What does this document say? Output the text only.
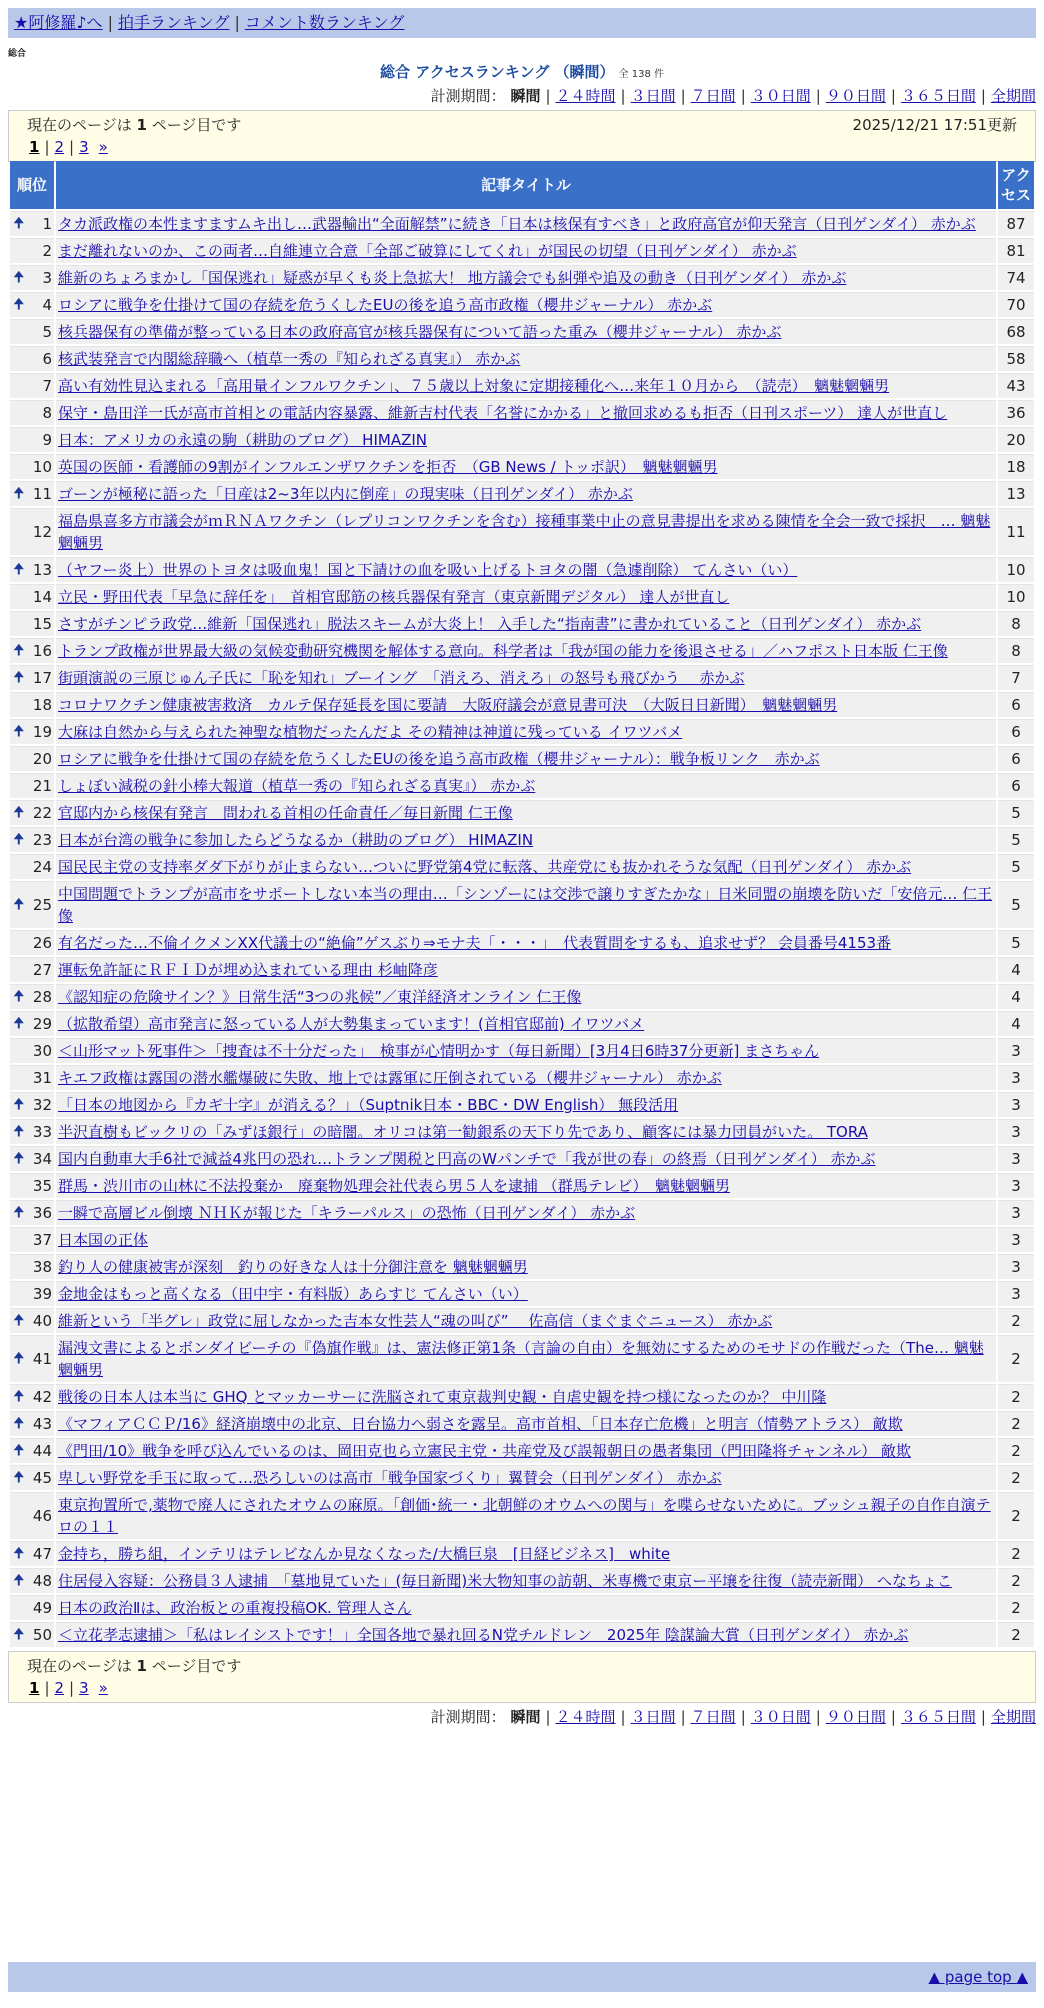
★阿修羅♪へ | 拍手ランキング | コメント数ランキング
総合
総合 アクセスランキング （瞬間） 全 138 件
計測期間： 瞬間 | ２４時間 | ３日間 | ７日間 | ３０日間 | ９０日間 | ３６５日間 | 全期間
現在のページは 1 ページ目です	2025/12/21 17:51更新
1 | 2 | 3 »
順位	記事タイトル	アクセス

🠉 1	タカ派政権の本性ますますムキ出し…武器輸出“全面解禁”に続き「日本は核保有すべき」と政府高官が仰天発言（日刊ゲンダイ） 赤かぶ	87
2	まだ離れないのか、この両者…自維連立合意「全部ご破算にしてくれ」が国民の切望（日刊ゲンダイ） 赤かぶ	81

🠉 3	維新のちょろまかし「国保逃れ」疑惑が早くも炎上急拡大！ 地方議会でも糾弾や追及の動き（日刊ゲンダイ） 赤かぶ	74

🠉 4	ロシアに戦争を仕掛けて国の存続を危うくしたEUの後を追う高市政権（櫻井ジャーナル） 赤かぶ	70
5	核兵器保有の準備が整っている日本の政府高官が核兵器保有について語った重み（櫻井ジャーナル） 赤かぶ	68
6	核武装発言で内閣総辞職へ（植草一秀の『知られざる真実』） 赤かぶ	58
7	高い有効性見込まれる「高用量インフルワクチン」、７５歳以上対象に定期接種化へ…来年１０月から　（読売）　魑魅魍魎男	43
8	保守・島田洋一氏が高市首相との電話内容暴露、維新吉村代表「名誉にかかる」と撤回求めるも拒否（日刊スポーツ） 達人が世直し	36
9	日本：アメリカの永遠の駒（耕助のブログ） HIMAZIN	20
10	英国の医師・看護師の9割がインフルエンザワクチンを拒否　（GB News / トッポ訳）　魑魅魍魎男	18

🠉 11	ゴーンが極秘に語った「日産は2~3年以内に倒産」の現実味（日刊ゲンダイ） 赤かぶ	13
12	福島県喜多方市議会がｍＲＮＡワクチン（レプリコンワクチンを含む）接種事業中止の意見書提出を求める陳情を全会一致で採択　… 魑魅魍魎男	11

🠉 13	（ヤフー炎上）世界のトヨタは吸血鬼！国と下請けの血を吸い上げるトヨタの闇（急遽削除） てんさい（い）	10
14	立民・野田代表「早急に辞任を」　首相官邸筋の核兵器保有発言（東京新聞デジタル） 達人が世直し	10
15	さすがチンピラ政党…維新「国保逃れ」脱法スキームが大炎上！ 入手した“指南書”に書かれていること（日刊ゲンダイ） 赤かぶ	8

🠉 16	トランプ政権が世界最大級の気候変動研究機関を解体する意向。科学者は「我が国の能力を後退させる」／ハフポスト日本版 仁王像	8

🠉 17	街頭演説の三原じゅん子氏に「恥を知れ」ブーイング　「消えろ、消えろ」の怒号も飛びかう　 赤かぶ	7
18	コロナワクチン健康被害救済　カルテ保存延長を国に要請　大阪府議会が意見書可決　（大阪日日新聞）　魑魅魍魎男	6

🠉 19	大麻は自然から与えられた神聖な植物だったんだよ その精神は神道に残っている イワツバメ	6
20	ロシアに戦争を仕掛けて国の存続を危うくしたEUの後を追う高市政権（櫻井ジャーナル）：戦争板リンク　赤かぶ	6
21	しょぼい減税の針小棒大報道（植草一秀の『知られざる真実』） 赤かぶ	6

🠉 22	官邸内から核保有発言　問われる首相の任命責任／毎日新聞 仁王像	5

🠉 23	日本が台湾の戦争に参加したらどうなるか（耕助のブログ） HIMAZIN	5
24	国民民主党の支持率ダダ下がりが止まらない…ついに野党第4党に転落、共産党にも抜かれそうな気配（日刊ゲンダイ） 赤かぶ	5

🠉 25	中国問題でトランプが高市をサポートしない本当の理由…「シンゾーには交渉で譲りすぎたかな」日米同盟の崩壊を防いだ「安倍元… 仁王像	5
26	有名だった…不倫イクメンXX代議士の“絶倫”ゲスぶり⇒モナ夫「・・・」　代表質問をするも、追求せず？ 会員番号4153番	5
27	運転免許証にＲＦＩＤが埋め込まれている理由 杉岫降彦	4

🠉 28	《認知症の危険サイン？》日常生活“3つの兆候”／東洋経済オンライン 仁王像	4

🠉 29	（拡散希望）高市発言に怒っている人が大勢集まっています！(首相官邸前) イワツバメ	4
30	＜山形マット死事件＞「捜査は不十分だった」　検事が心情明かす（毎日新聞）[3月4日6時37分更新] まさちゃん	3
31	キエフ政権は露国の潜水艦爆破に失敗、地上では露軍に圧倒されている（櫻井ジャーナル） 赤かぶ	3

🠉 32	「日本の地図から『カギ十字』が消える？」（Suptnik日本・BBC・DW English） 無段活用	3

🠉 33	半沢直樹もビックリの「みずほ銀行」の暗闇。オリコは第一勧銀系の天下り先であり、顧客には暴力団員がいた。 TORA	3

🠉 34	国内自動車大手6社で減益4兆円の恐れ…トランプ関税と円高のWパンチで「我が世の春」の終焉（日刊ゲンダイ） 赤かぶ	3
35	群馬・渋川市の山林に不法投棄か　廃棄物処理会社代表ら男５人を逮捕 （群馬テレビ）　魑魅魍魎男	3

🠉 36	一瞬で高層ビル倒壊 ＮＨＫが報じた「キラーパルス」の恐怖（日刊ゲンダイ） 赤かぶ	3
37	日本国の正体	3
38	釣り人の健康被害が深刻　釣りの好きな人は十分御注意を 魑魅魍魎男	3
39	金地金はもっと高くなる（田中宇・有料版）あらすじ てんさい（い）	3

🠉 40	維新という「半グレ」政党に屈しなかった吉本女性芸人“魂の叫び”　 佐高信（まぐまぐニュース） 赤かぶ	2

🠉 41	漏洩文書によるとボンダイビーチの『偽旗作戦』は、憲法修正第1条（言論の自由）を無効にするためのモサドの作戦だった（The… 魑魅魍魎男	2

🠉 42	戦後の日本人は本当に GHQ とマッカーサーに洗脳されて東京裁判史観・自虐史観を持つ様になったのか？ 中川隆	2

🠉 43	《マフィアＣＣＰ/16》経済崩壊中の北京、日台協力へ弱さを露呈。高市首相、「日本存亡危機」と明言（情勢アトラス） 敵欺	2

🠉 44	《門田/10》戦争を呼び込んでいるのは、岡田克也ら立憲民主党・共産党及び誤報朝日の愚者集団（門田隆将チャンネル） 敵欺	2

🠉 45	卑しい野党を手玉に取って…恐ろしいのは高市「戦争国家づくり」翼賛会（日刊ゲンダイ） 赤かぶ	2
46	東京拘置所で,薬物で廃人にされたオウムの麻原。「創価･統一・北朝鮮のオウムへの関与」を喋らせないために。ブッシュ親子の自作自演テロの１１	2

🠉 47	金持ち，勝ち組，インテリはテレビなんか見なくなった/大橋巨泉　[日経ビジネス]　white	2

🠉 48	住居侵入容疑：公務員３人逮捕　「墓地見ていた」(毎日新聞)米大物知事の訪朝、米専機で東京ー平壌を往復（読売新聞） へなちょこ	2
49	日本の政治Ⅱは、政治板との重複投稿OK. 管理人さん	2

🠉 50	＜立花孝志逮捕＞「私はレイシストです！」全国各地で暴れ回るN党チルドレン　2025年 陰謀論大賞（日刊ゲンダイ） 赤かぶ	2
現在のページは 1 ページ目です
1 | 2 | 3 »
計測期間： 瞬間 | ２４時間 | ３日間 | ７日間 | ３０日間 | ９０日間 | ３６５日間 | 全期間
▲ page top ▲
